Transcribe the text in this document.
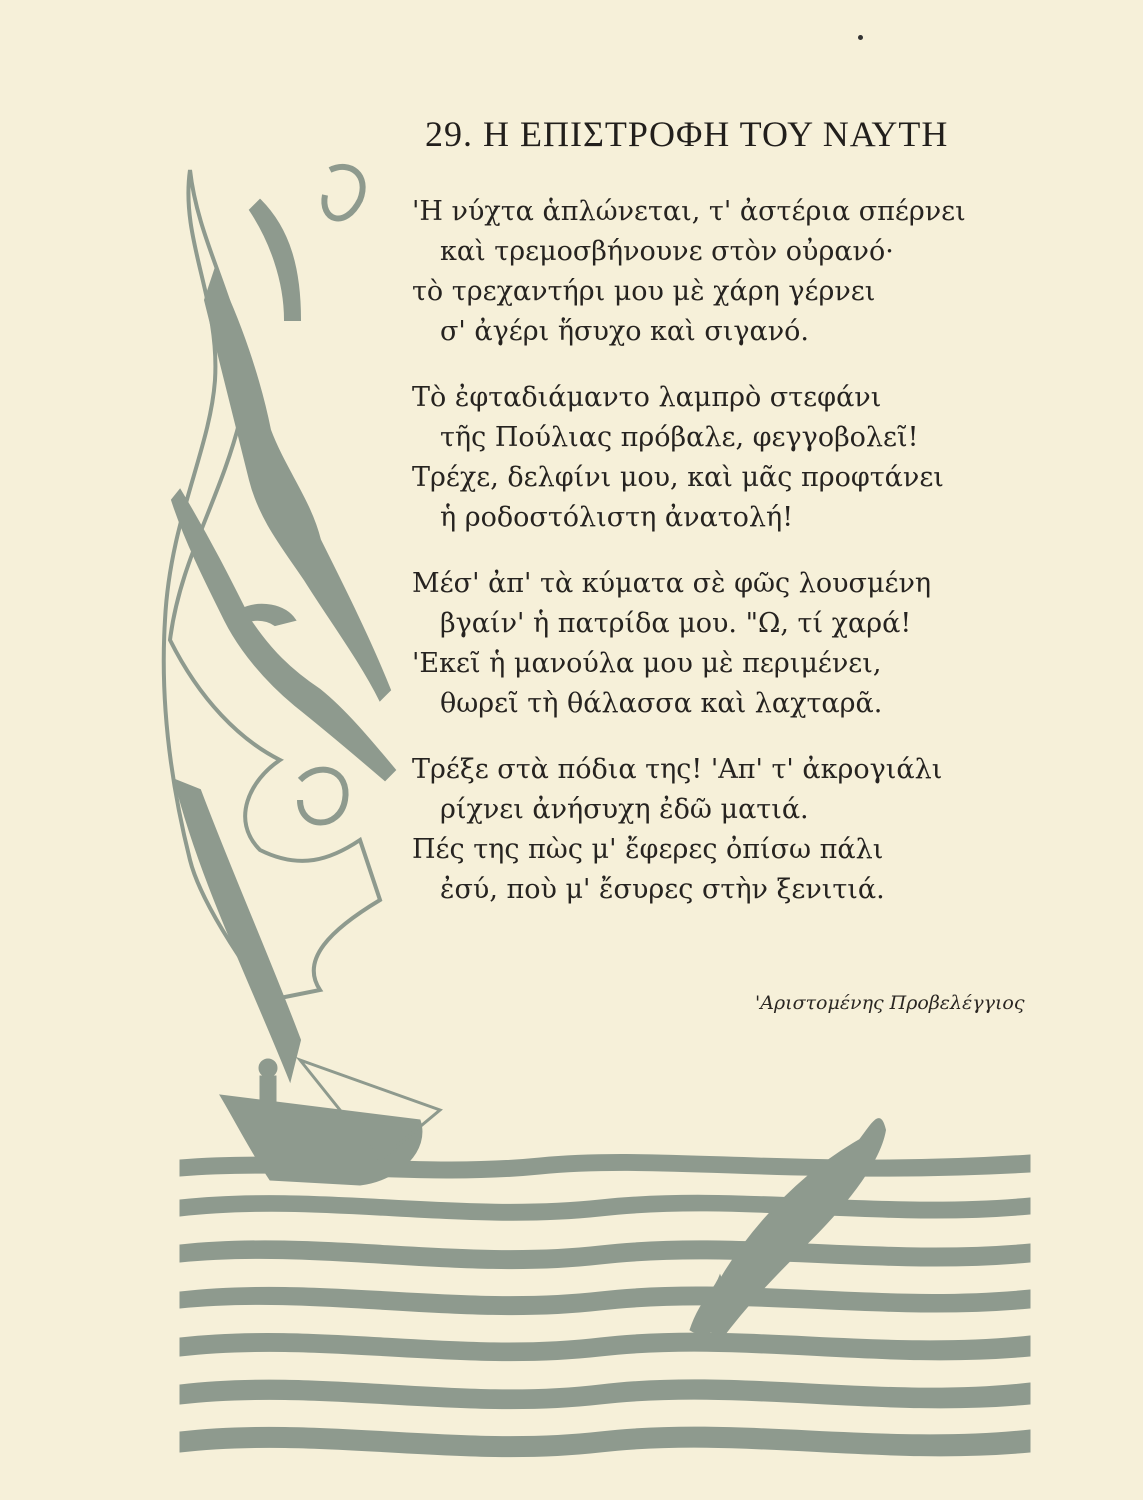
29. Η ΕΠΙΣΤΡΟΦΗ ΤΟΥ ΝΑΥΤΗ
'Η νύχτα ἁπλώνεται, τ' ἀστέρια σπέρνει
καὶ τρεμοσβήνουνε στὸν οὐρανό·
τὸ τρεχαντήρι μου μὲ χάρη γέρνει
σ' ἀγέρι ἥσυχο καὶ σιγανό.
Τὸ ἐφταδιάμαντο λαμπρὸ στεφάνι
τῆς Πούλιας πρόβαλε, φεγγοβολεῖ!
Τρέχε, δελφίνι μου, καὶ μᾶς προφτάνει
ἡ ροδοστόλιστη ἀνατολή!
Μέσ' ἀπ' τὰ κύματα σὲ φῶς λουσμένη
βγαίν' ἡ πατρίδα μου. "Ω, τί χαρά!
'Εκεῖ ἡ μανούλα μου μὲ περιμένει,
θωρεῖ τὴ θάλασσα καὶ λαχταρᾶ.
Τρέξε στὰ πόδια της! 'Απ' τ' ἀκρογιάλι
ρίχνει ἀνήσυχη ἐδῶ ματιά.
Πές της πὼς μ' ἔφερες ὀπίσω πάλι
ἐσύ, ποὺ μ' ἔσυρες στὴν ξενιτιά.
'Αριστομένης Προβελέγγιος
